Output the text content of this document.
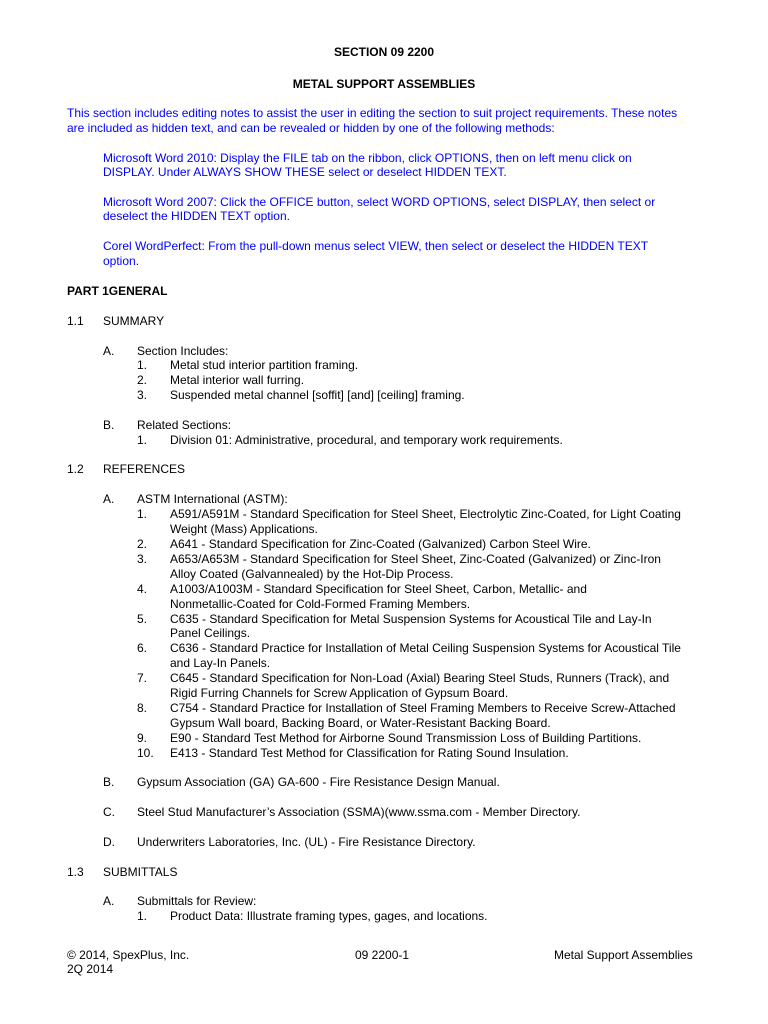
SECTION 09 2200
METAL SUPPORT ASSEMBLIES
This section includes editing notes to assist the user in editing the section to suit project requirements. These notes
are included as hidden text, and can be revealed or hidden by one of the following methods:
Microsoft Word 2010: Display the FILE tab on the ribbon, click OPTIONS, then on left menu click on
DISPLAY. Under ALWAYS SHOW THESE select or deselect HIDDEN TEXT.
Microsoft Word 2007: Click the OFFICE button, select WORD OPTIONS, select DISPLAY, then select or
deselect the HIDDEN TEXT option.
Corel WordPerfect: From the pull-down menus select VIEW, then select or deselect the HIDDEN TEXT
option.
PART 1GENERAL
1.1 SUMMARY
A. Section Includes:
1. Metal stud interior partition framing.
2. Metal interior wall furring.
3. Suspended metal channel [soffit] [and] [ceiling] framing.
B. Related Sections:
1. Division 01: Administrative, procedural, and temporary work requirements.
1.2 REFERENCES
A. ASTM International (ASTM):
1. A591/A591M - Standard Specification for Steel Sheet, Electrolytic Zinc-Coated, for Light Coating
Weight (Mass) Applications.
2. A641 - Standard Specification for Zinc-Coated (Galvanized) Carbon Steel Wire.
3. A653/A653M - Standard Specification for Steel Sheet, Zinc-Coated (Galvanized) or Zinc-Iron
Alloy Coated (Galvannealed) by the Hot-Dip Process.
4. A1003/A1003M - Standard Specification for Steel Sheet, Carbon, Metallic- and
Nonmetallic-Coated for Cold-Formed Framing Members.
5. C635 - Standard Specification for Metal Suspension Systems for Acoustical Tile and Lay-In
Panel Ceilings.
6. C636 - Standard Practice for Installation of Metal Ceiling Suspension Systems for Acoustical Tile
and Lay-In Panels.
7. C645 - Standard Specification for Non-Load (Axial) Bearing Steel Studs, Runners (Track), and
Rigid Furring Channels for Screw Application of Gypsum Board.
8. C754 - Standard Practice for Installation of Steel Framing Members to Receive Screw-Attached
Gypsum Wall board, Backing Board, or Water-Resistant Backing Board.
9. E90 - Standard Test Method for Airborne Sound Transmission Loss of Building Partitions.
10. E413 - Standard Test Method for Classification for Rating Sound Insulation.
B. Gypsum Association (GA) GA-600 - Fire Resistance Design Manual.
C. Steel Stud Manufacturer’s Association (SSMA)(www.ssma.com - Member Directory.
D. Underwriters Laboratories, Inc. (UL) - Fire Resistance Directory.
1.3 SUBMITTALS
A. Submittals for Review:
1. Product Data: Illustrate framing types, gages, and locations.
© 2014, SpexPlus, Inc.
2Q 2014
09 2200-1	Metal Support Assemblies
